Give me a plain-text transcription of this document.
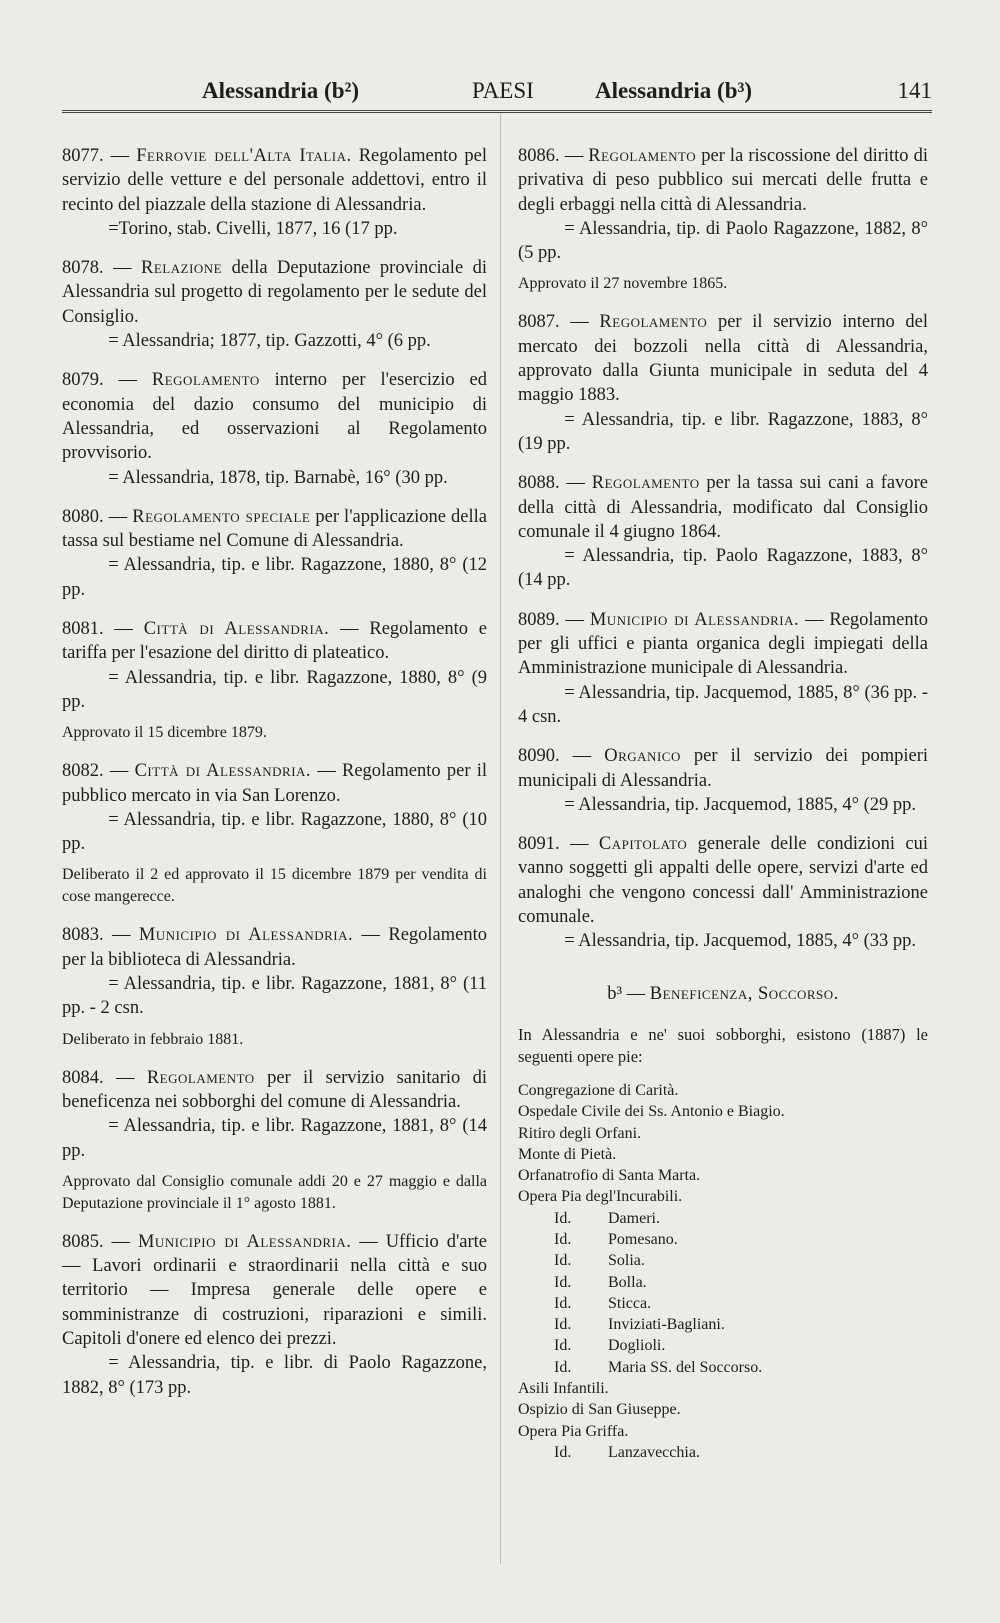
Alessandria (b²)	PAESI	Alessandria (b³)	141
8077. — Ferrovie dell'Alta Italia. Regolamento pel servizio delle vetture e del personale addettovi, entro il recinto del piazzale della stazione di Alessandria.
=Torino, stab. Civelli, 1877, 16 (17 pp.
8078. — Relazione della Deputazione provinciale di Alessandria sul progetto di regolamento per le sedute del Consiglio.
= Alessandria; 1877, tip. Gazzotti, 4° (6 pp.
8079. — Regolamento interno per l'esercizio ed economia del dazio consumo del municipio di Alessandria, ed osservazioni al Regolamento provvisorio.
= Alessandria, 1878, tip. Barnabè, 16° (30 pp.
8080. — Regolamento speciale per l'applicazione della tassa sul bestiame nel Comune di Alessandria.
= Alessandria, tip. e libr. Ragazzone, 1880, 8° (12 pp.
8081. — Città di Alessandria. — Regolamento e tariffa per l'esazione del diritto di plateatico.
= Alessandria, tip. e libr. Ragazzone, 1880, 8° (9 pp.
Approvato il 15 dicembre 1879.
8082. — Città di Alessandria. — Regolamento per il pubblico mercato in via San Lorenzo.
= Alessandria, tip. e libr. Ragazzone, 1880, 8° (10 pp.
Deliberato il 2 ed approvato il 15 dicembre 1879 per vendita di cose mangerecce.
8083. — Municipio di Alessandria. — Regolamento per la biblioteca di Alessandria.
= Alessandria, tip. e libr. Ragazzone, 1881, 8° (11 pp. - 2 csn.
Deliberato in febbraio 1881.
8084. — Regolamento per il servizio sanitario di beneficenza nei sobborghi del comune di Alessandria.
= Alessandria, tip. e libr. Ragazzone, 1881, 8° (14 pp.
Approvato dal Consiglio comunale addi 20 e 27 maggio e dalla Deputazione provinciale il 1° agosto 1881.
8085. — Municipio di Alessandria. — Ufficio d'arte — Lavori ordinarii e straordinarii nella città e suo territorio — Impresa generale delle opere e somministranze di costruzioni, riparazioni e simili. Capitoli d'onere ed elenco dei prezzi.
= Alessandria, tip. e libr. di Paolo Ragazzone, 1882, 8° (173 pp.
8086. — Regolamento per la riscossione del diritto di privativa di peso pubblico sui mercati delle frutta e degli erbaggi nella città di Alessandria.
= Alessandria, tip. di Paolo Ragazzone, 1882, 8° (5 pp.
Approvato il 27 novembre 1865.
8087. — Regolamento per il servizio interno del mercato dei bozzoli nella città di Alessandria, approvato dalla Giunta municipale in seduta del 4 maggio 1883.
= Alessandria, tip. e libr. Ragazzone, 1883, 8° (19 pp.
8088. — Regolamento per la tassa sui cani a favore della città di Alessandria, modificato dal Consiglio comunale il 4 giugno 1864.
= Alessandria, tip. Paolo Ragazzone, 1883, 8° (14 pp.
8089. — Municipio di Alessandria. — Regolamento per gli uffici e pianta organica degli impiegati della Amministrazione municipale di Alessandria.
= Alessandria, tip. Jacquemod, 1885, 8° (36 pp. - 4 csn.
8090. — Organico per il servizio dei pompieri municipali di Alessandria.
= Alessandria, tip. Jacquemod, 1885, 4° (29 pp.
8091. — Capitolato generale delle condizioni cui vanno soggetti gli appalti delle opere, servizi d'arte ed analoghi che vengono concessi dall' Amministrazione comunale.
= Alessandria, tip. Jacquemod, 1885, 4° (33 pp.
b³ — Beneficenza, Soccorso.
In Alessandria e ne' suoi sobborghi, esistono (1887) le seguenti opere pie:
Congregazione di Carità.
Ospedale Civile dei Ss. Antonio e Biagio.
Ritiro degli Orfani.
Monte di Pietà.
Orfanatrofio di Santa Marta.
Opera Pia degl'Incurabili.
Id. Dameri.
Id. Pomesano.
Id. Solia.
Id. Bolla.
Id. Sticca.
Id. Inviziati-Bagliani.
Id. Doglioli.
Id. Maria SS. del Soccorso.
Asili Infantili.
Ospizio di San Giuseppe.
Opera Pia Griffa.
Id. Lanzavecchia.
